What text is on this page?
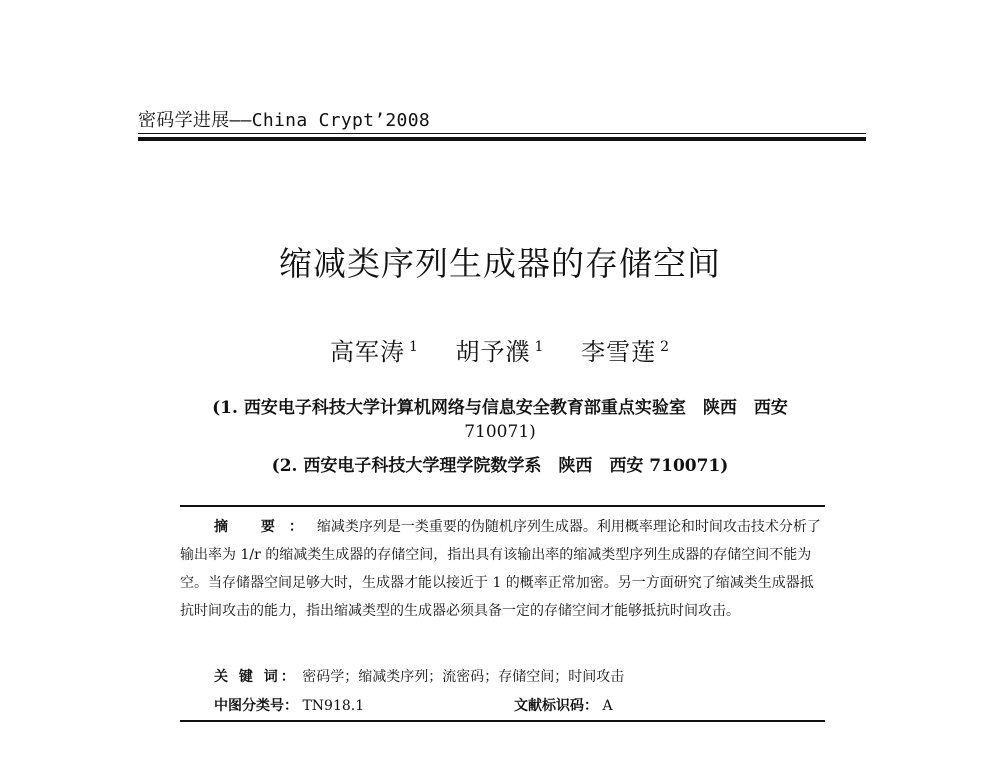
密码学进展——China Crypt’2008
缩减类序列生成器的存储空间
高军涛 $^1$ 胡予濮 $^1$ 李雪莲 $^2$
(1. 西安电子科技大学计算机网络与信息安全教育部重点实验室　陕西　西安
710071)
(2. 西安电子科技大学理学院数学系　陕西　西安 710071)
摘 要：缩减类序列是一类重要的伪随机序列生成器。利用概率理论和时间攻击技术分析了输出率为 1/r 的缩减类生成器的存储空间，指出具有该输出率的缩减类型序列生成器的存储空间不能为空。当存储器空间足够大时，生成器才能以接近于 1 的概率正常加密。另一方面研究了缩减类生成器抵抗时间攻击的能力，指出缩减类型的生成器必须具备一定的存储空间才能够抵抗时间攻击。
关 键 词： 密码学；缩减类序列；流密码；存储空间；时间攻击
中图分类号： TN918.1	文献标识码： A
